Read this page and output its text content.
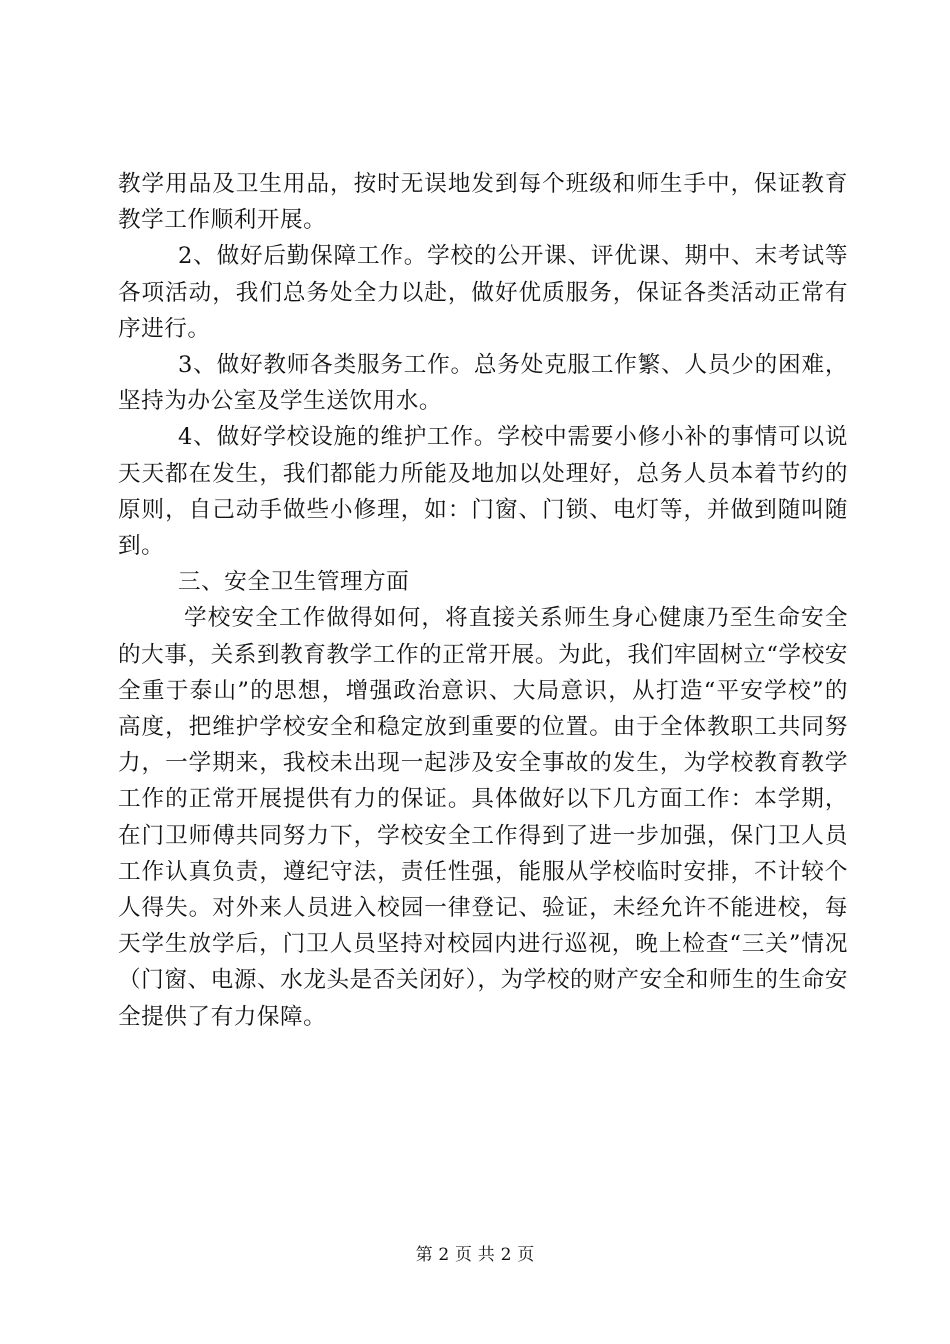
教学用品及卫生用品，按时无误地发到每个班级和师生手中，保证教育教学工作顺利开展。

2、做好后勤保障工作。学校的公开课、评优课、期中、末考试等各项活动，我们总务处全力以赴，做好优质服务，保证各类活动正常有序进行。

3、做好教师各类服务工作。总务处克服工作繁、人员少的困难，坚持为办公室及学生送饮用水。

4、做好学校设施的维护工作。学校中需要小修小补的事情可以说天天都在发生，我们都能力所能及地加以处理好，总务人员本着节约的原则，自己动手做些小修理，如：门窗、门锁、电灯等，并做到随叫随到。

三、安全卫生管理方面

学校安全工作做得如何，将直接关系师生身心健康乃至生命安全的大事，关系到教育教学工作的正常开展。为此，我们牢固树立“学校安全重于泰山”的思想，增强政治意识、大局意识，从打造“平安学校”的高度，把维护学校安全和稳定放到重要的位置。由于全体教职工共同努力，一学期来，我校未出现一起涉及安全事故的发生，为学校教育教学工作的正常开展提供有力的保证。具体做好以下几方面工作：本学期，在门卫师傅共同努力下，学校安全工作得到了进一步加强，保门卫人员工作认真负责，遵纪守法，责任性强，能服从学校临时安排，不计较个人得失。对外来人员进入校园一律登记、验证，未经允许不能进校，每天学生放学后，门卫人员坚持对校园内进行巡视，晚上检查“三关”情况（门窗、电源、水龙头是否关闭好），为学校的财产安全和师生的生命安全提供了有力保障。

第 2 页 共 2 页
